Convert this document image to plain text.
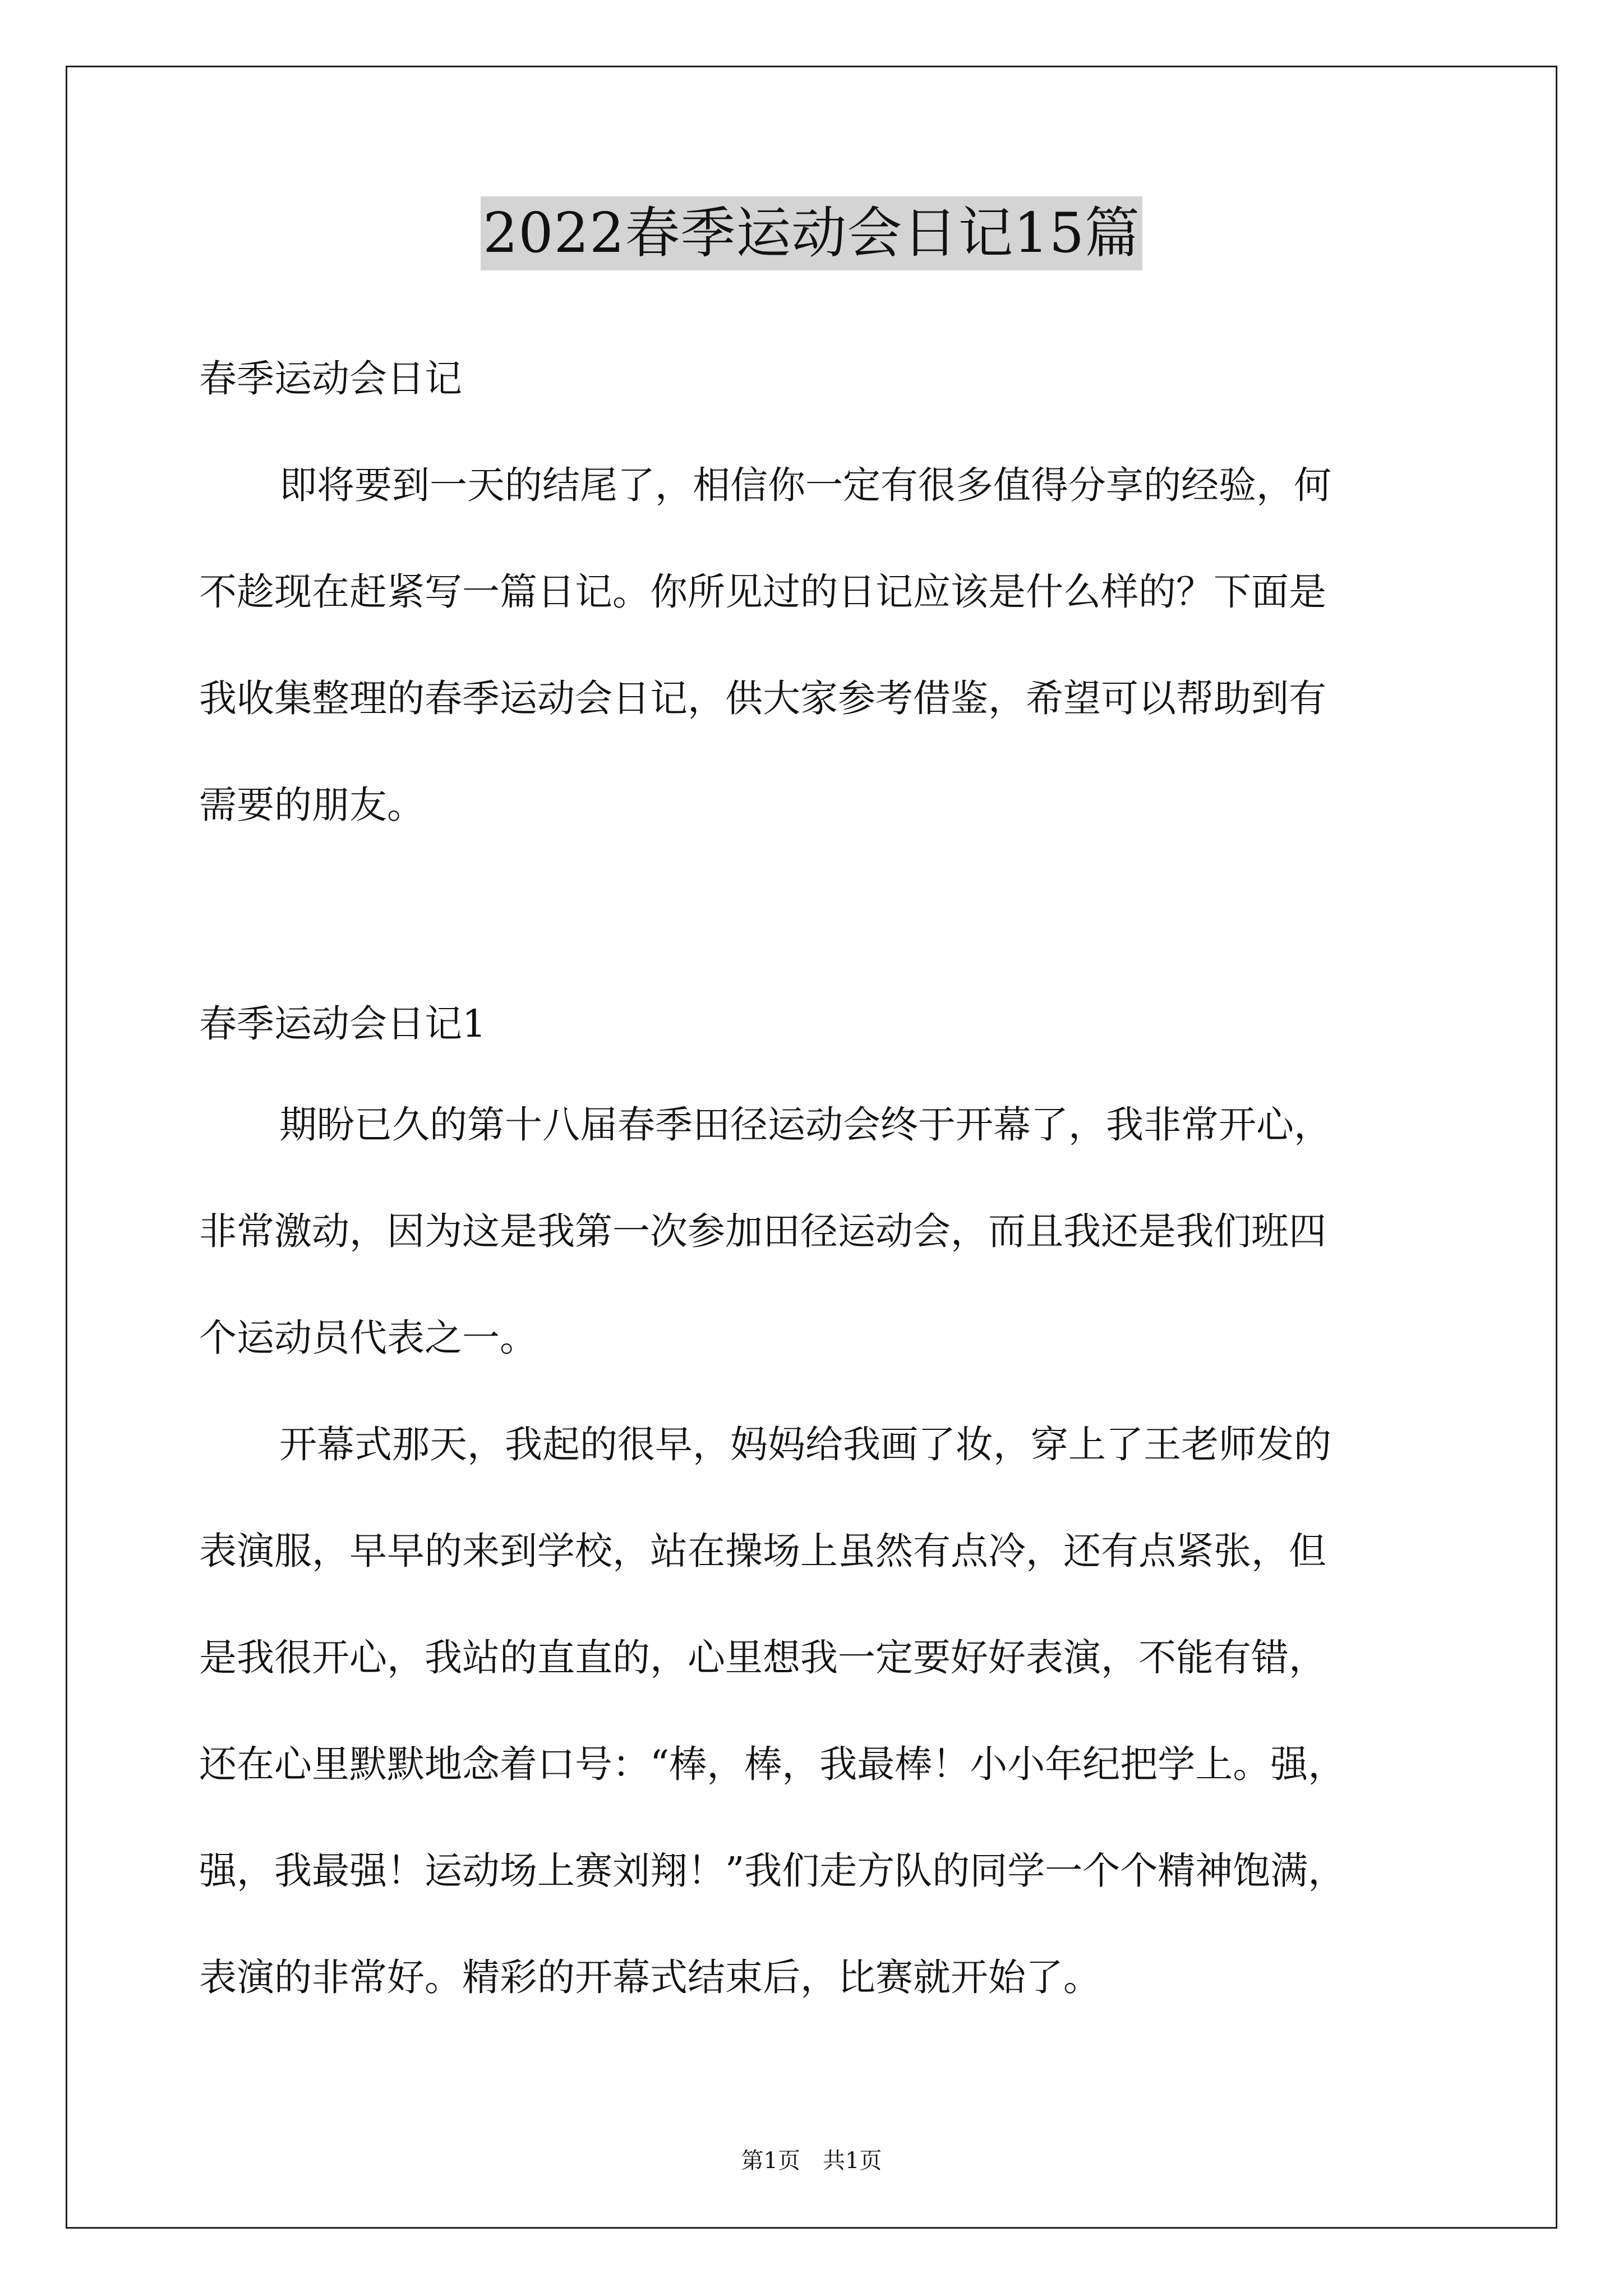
2022春季运动会日记15篇
春季运动会日记
即将要到一天的结尾了，相信你一定有很多值得分享的经验，何
不趁现在赶紧写一篇日记。你所见过的日记应该是什么样的？下面是
我收集整理的春季运动会日记，供大家参考借鉴，希望可以帮助到有
需要的朋友。
春季运动会日记1
期盼已久的第十八届春季田径运动会终于开幕了，我非常开心，
非常激动，因为这是我第一次参加田径运动会，而且我还是我们班四
个运动员代表之一。
开幕式那天，我起的很早，妈妈给我画了妆，穿上了王老师发的
表演服，早早的来到学校，站在操场上虽然有点冷，还有点紧张，但
是我很开心，我站的直直的，心里想我一定要好好表演，不能有错，
还在心里默默地念着口号：“棒，棒，我最棒！小小年纪把学上。强，
强，我最强！运动场上赛刘翔！”我们走方队的同学一个个精神饱满，
表演的非常好。精彩的开幕式结束后，比赛就开始了。
第1页　共1页
